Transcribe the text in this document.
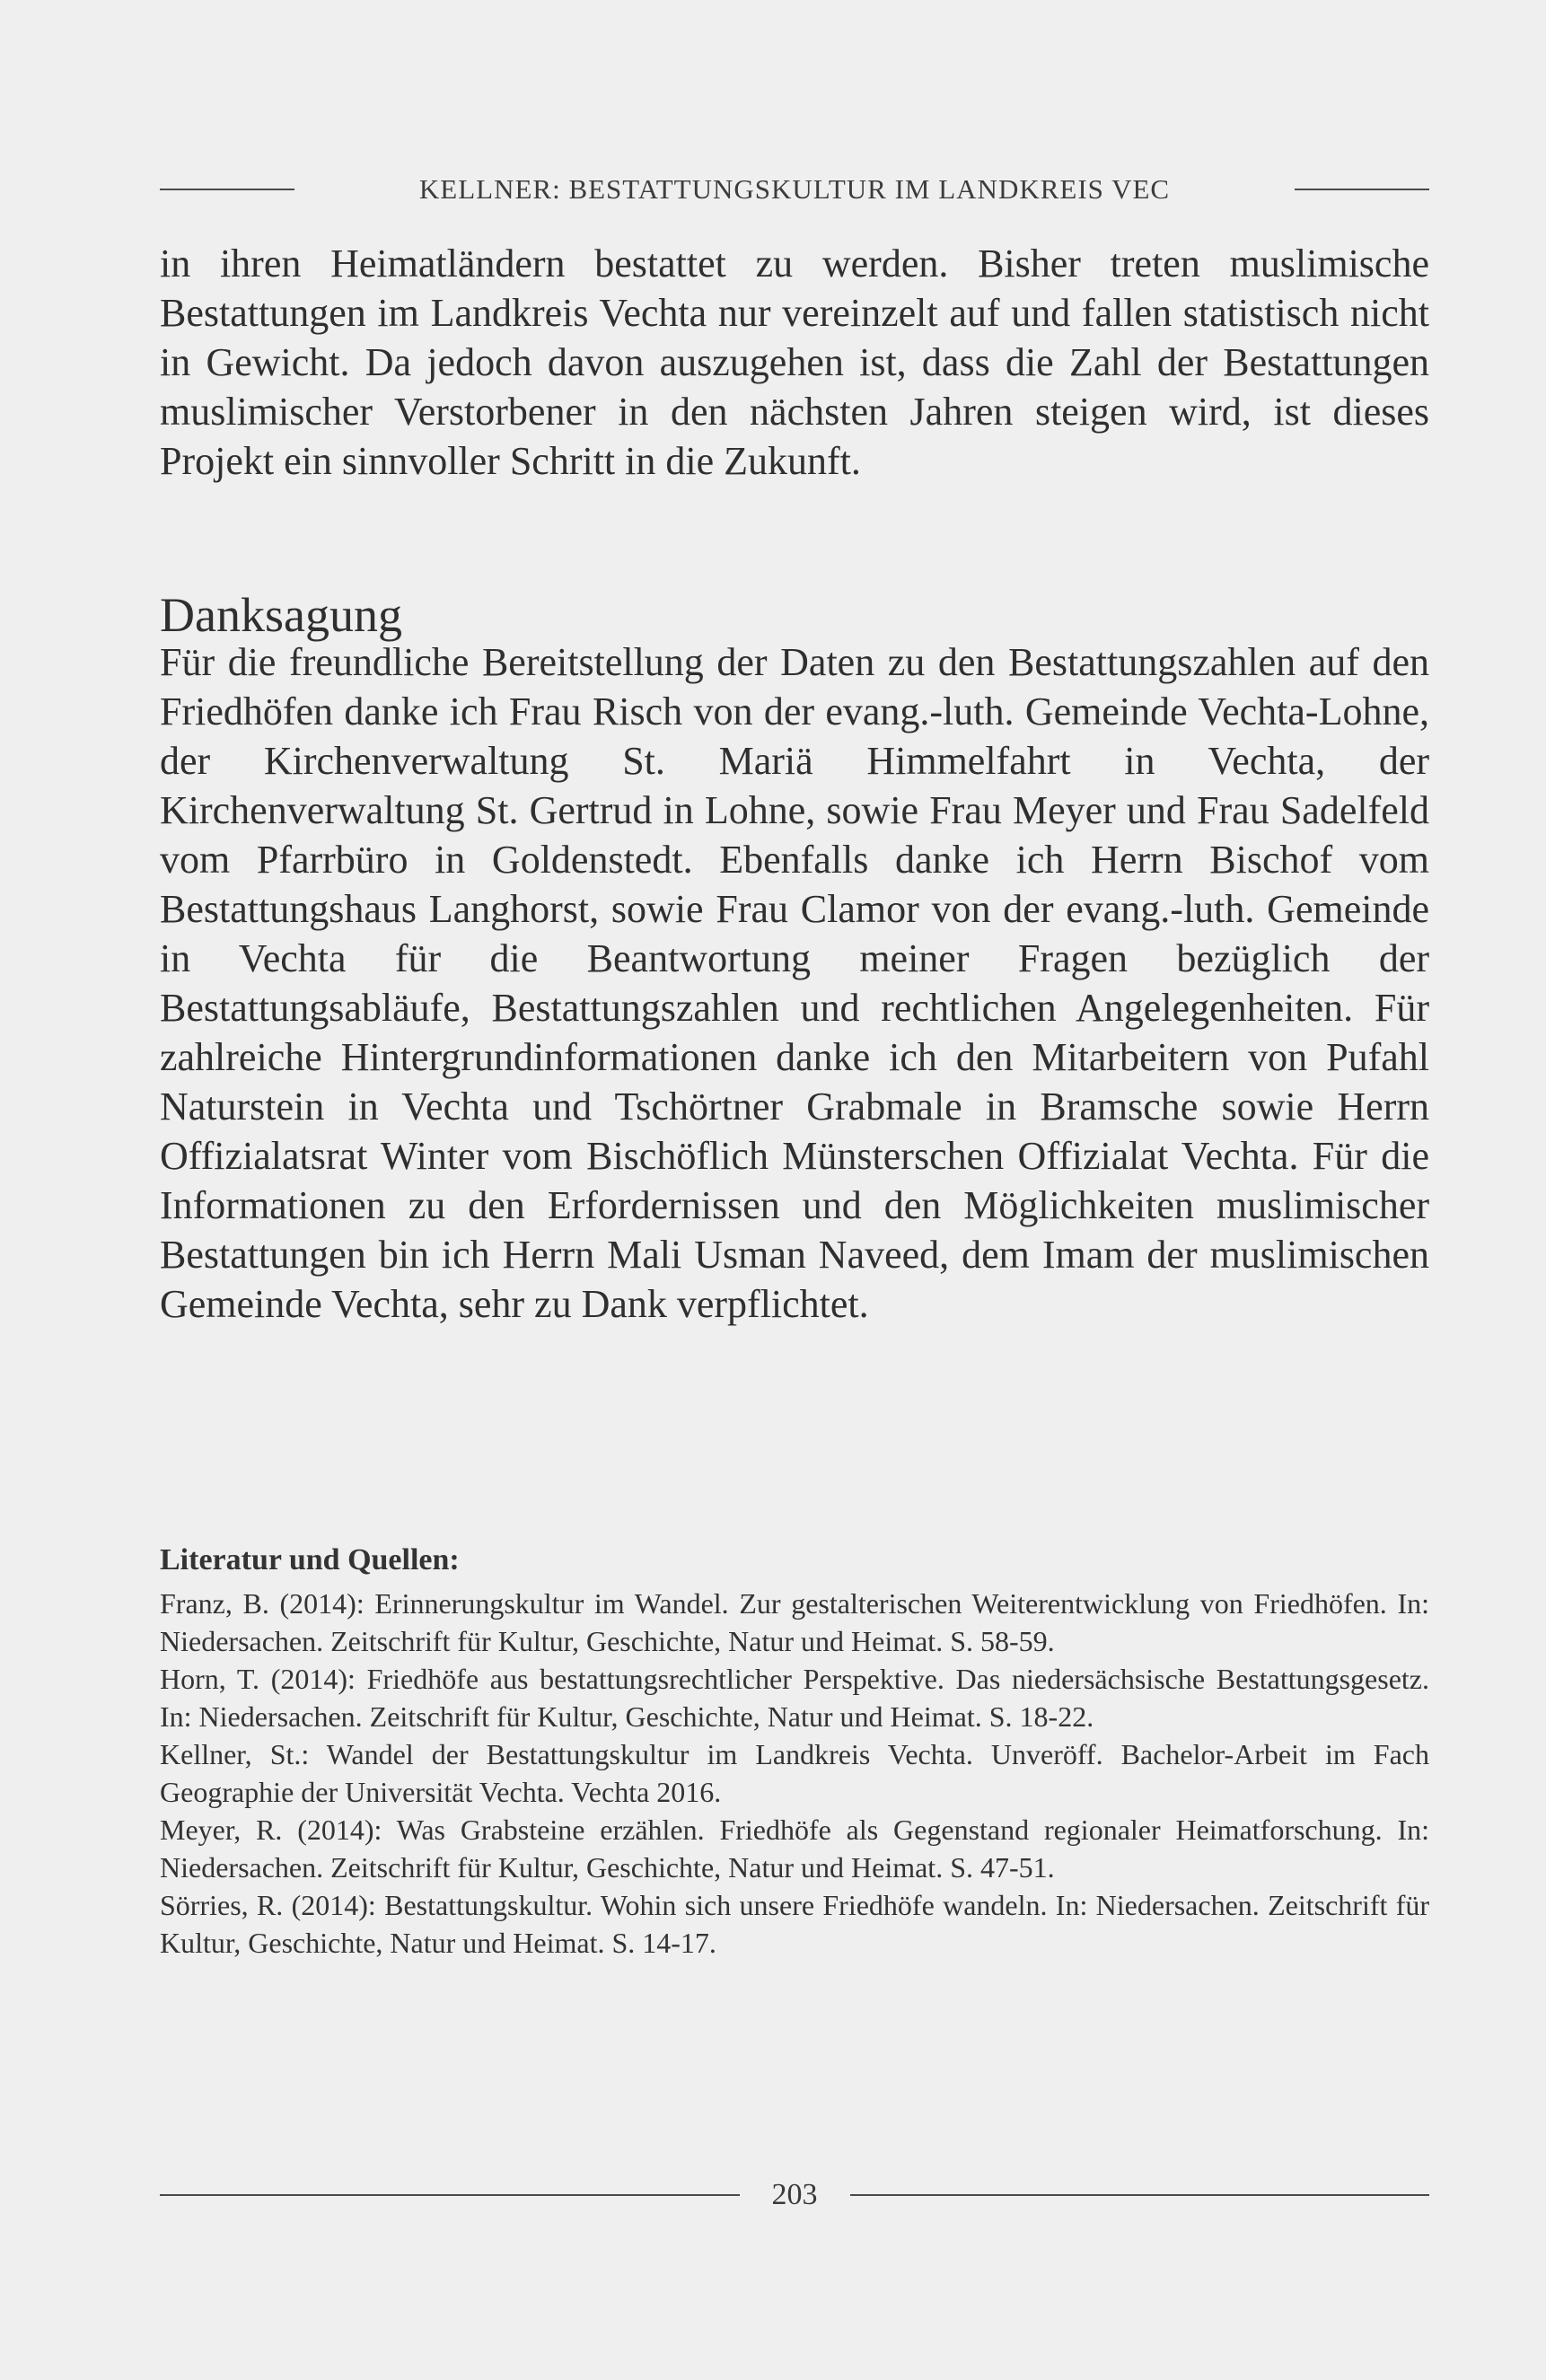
KELLNER: BESTATTUNGSKULTUR IM LANDKREIS VEC

in ihren Heimatländern bestattet zu werden. Bisher treten muslimische Bestattungen im Landkreis Vechta nur vereinzelt auf und fallen statistisch nicht in Gewicht. Da jedoch davon auszugehen ist, dass die Zahl der Bestattungen muslimischer Verstorbener in den nächsten Jahren steigen wird, ist dieses Projekt ein sinnvoller Schritt in die Zukunft.

Danksagung

Für die freundliche Bereitstellung der Daten zu den Bestattungszahlen auf den Friedhöfen danke ich Frau Risch von der evang.-luth. Gemeinde Vechta-Lohne, der Kirchenverwaltung St. Mariä Himmelfahrt in Vechta, der Kirchenverwaltung St. Gertrud in Lohne, sowie Frau Meyer und Frau Sadelfeld vom Pfarrbüro in Goldenstedt. Ebenfalls danke ich Herrn Bischof vom Bestattungshaus Langhorst, sowie Frau Clamor von der evang.-luth. Gemeinde in Vechta für die Beantwortung meiner Fragen bezüglich der Bestattungsabläufe, Bestattungszahlen und rechtlichen Angelegenheiten. Für zahlreiche Hintergrundinformationen danke ich den Mitarbeitern von Pufahl Naturstein in Vechta und Tschörtner Grabmale in Bramsche sowie Herrn Offizialatsrat Winter vom Bischöflich Münsterschen Offizialat Vechta. Für die Informationen zu den Erfordernissen und den Möglichkeiten muslimischer Bestattungen bin ich Herrn Mali Usman Naveed, dem Imam der muslimischen Gemeinde Vechta, sehr zu Dank verpflichtet.

Literatur und Quellen:

Franz, B. (2014): Erinnerungskultur im Wandel. Zur gestalterischen Weiterentwicklung von Friedhöfen. In: Niedersachen. Zeitschrift für Kultur, Geschichte, Natur und Heimat. S. 58-59.

Horn, T. (2014): Friedhöfe aus bestattungsrechtlicher Perspektive. Das niedersächsische Bestattungsgesetz. In: Niedersachen. Zeitschrift für Kultur, Geschichte, Natur und Heimat. S. 18-22.

Kellner, St.: Wandel der Bestattungskultur im Landkreis Vechta. Unveröff. Bachelor-Arbeit im Fach Geographie der Universität Vechta. Vechta 2016.

Meyer, R. (2014): Was Grabsteine erzählen. Friedhöfe als Gegenstand regionaler Heimatforschung. In: Niedersachen. Zeitschrift für Kultur, Geschichte, Natur und Heimat. S. 47-51.

Sörries, R. (2014): Bestattungskultur. Wohin sich unsere Friedhöfe wandeln. In: Niedersachen. Zeitschrift für Kultur, Geschichte, Natur und Heimat. S. 14-17.

203
